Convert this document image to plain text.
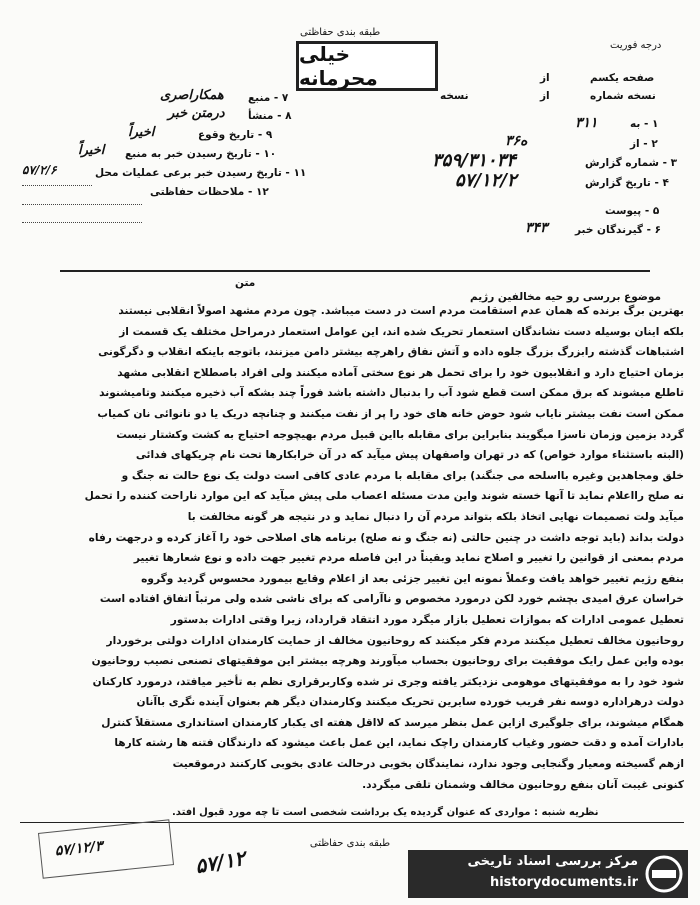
طبقه بندی حفاظتی
درجه فوریت
خیلی محرمانه	صفحه یکسم
از
نسخه شماره
از
نسخه
۱ - به
۳۱۱
۲ - از
۳ه۶
۳ - شماره گزارش
۳۵۹/۳۱۰۳۴
۴ - تاریخ گزارش
۵۷/۱۲/۲
۵ - پیوست
۶ - گیرندگان خبر
۳۴۳
۷ - منبع
همکاراصری
۸ - منشأ
درمتن خبر
۹ - تاریخ وقوع
اخیراً
۱۰ - تاریخ رسیدن خبر به منبع
اخیراً
۱۱ - تاریخ رسیدن خبر برعی عملیات محل
۵۷/۲/۶
۱۲ - ملاحظات حفاظتی
متن
موضوع بررسی رو حیه مخالفین رژیم

بهترین برگ برنده که همان عدم استقامت مردم است در دست میباشد. چون مردم مشهد اصولاً انقلابی نیستند

بلکه اینان بوسیله دست نشاندگان استعمار تحریک شده اند، این عوامل استعمار درمراحل مختلف یک قسمت از

اشتباهات گذشته رابزرگ بزرگ جلوه داده و آتش نفاق راهرچه بیشتر دامن میزنند، باتوجه باینکه انقلاب و دگرگونی

بزمان احتیاج دارد و انقلابیون خود را برای تحمل هر نوع سختی آماده میکنند ولی افراد باصطلاح انقلابی مشهد

تاطلع میشوند که برق ممکن است قطع شود آب را بدنبال داشته باشد فوراً چند بشکه آب ذخیره میکنند وتامیشنوند

ممکن است نفت بیشتر نایاب شود حوض خانه های خود را پر از نفت میکنند و چنانچه دریک یا دو نانوائی نان کمیاب

گردد بزمین وزمان ناسزا میگویند بنابراین برای مقابله بااین قبیل مردم بهیچوجه احتیاج به کشت وکشتار نیست

(البته باستثناء موارد خواص) که در تهران واصفهان پیش میآید که در آن خرابکارها تحت نام چریکهای فدائی

خلق ومجاهدین وغیره بااسلحه می جنگند) برای مقابله با مردم عادی کافی است دولت یک نوع حالت نه جنگ و

نه صلح رااعلام نماید تا آنها خسته شوند واین مدت مسئله اعصاب ملی پیش میآید که این موارد ناراحت کننده را تحمل

میآید ولت تصمیمات نهایی اتخاذ بلکه بتواند مردم آن را دنبال نماید و در نتیجه هر گونه مخالفت با

دولت بداند (باید توجه داشت در چنین حالتی (نه جنگ و نه صلح) برنامه های اصلاحی خود را آغاز کرده و درجهت رفاه

مردم بمعنی از قوانین را تغییر و اصلاح نماید وبقیناً در این فاصله مردم تغییر جهت داده و نوع شعارها تغییر

بنفع رژیم تغییر خواهد یافت وعملاً نمونه این تغییر جزئی بعد از اعلام وقایع بیمورد محسوس گردید وگروه

خراسان عرق امیدی بچشم خورد لکن درمورد مخصوص و ناآرامی که برای ناشی شده ولی مرتباً اتفاق افتاده است

تعطیل عمومی ادارات که بموازات تعطیل بازار میگرد مورد انتقاد قرارداد، زیرا وقتی ادارات بدستور

روحانیون مخالف تعطیل میکنند مردم فکر میکنند که روحانیون مخالف از حمایت کارمندان ادارات دولتی برخوردار

بوده واین عمل رایک موفقیت برای روحانیون بحساب میآورند وهرچه بیشتر این موفقیتهای تصنعی نصیب روحانیون

شود خود را به موفقیتهای موهومی نزدیکتر یافته وجری تر شده وکاربرقراری نظم به تأخیر میافتد، درمورد کارکنان

دولت درهراداره دوسه نفر فریب خورده سایرین تحریک میکنند وکارمندان دیگر هم بعنوان آینده نگری باآنان

همگام میشوند، برای جلوگیری ازاین عمل بنظر میرسد که لااقل هفته ای یکبار کارمندان استانداری مستقلاً کنترل

بادارات آمده و دقت حضور وغیاب کارمندان راچک نماید، این عمل باعث میشود که دارندگان فتنه ها رشته کارها

ازهم گسیخته ومعیار وگنجایی وجود ندارد، نمایندگان بخوبی درحالت عادی بخوبی کارکنند درموقعیت

کنونی غیبت آنان بنفع روحانیون مخالف وشمنان تلقی میگردد.

نظریه شنبه : مواردی که عنوان گردیده یک برداشت شخصی است تا چه مورد قبول افتد.
طبقه بندی حفاظتی
۵۷/۱۲/۳	۵۷/۱۲	مرکز بررسی اسناد تاریخی
historydocuments.ir
